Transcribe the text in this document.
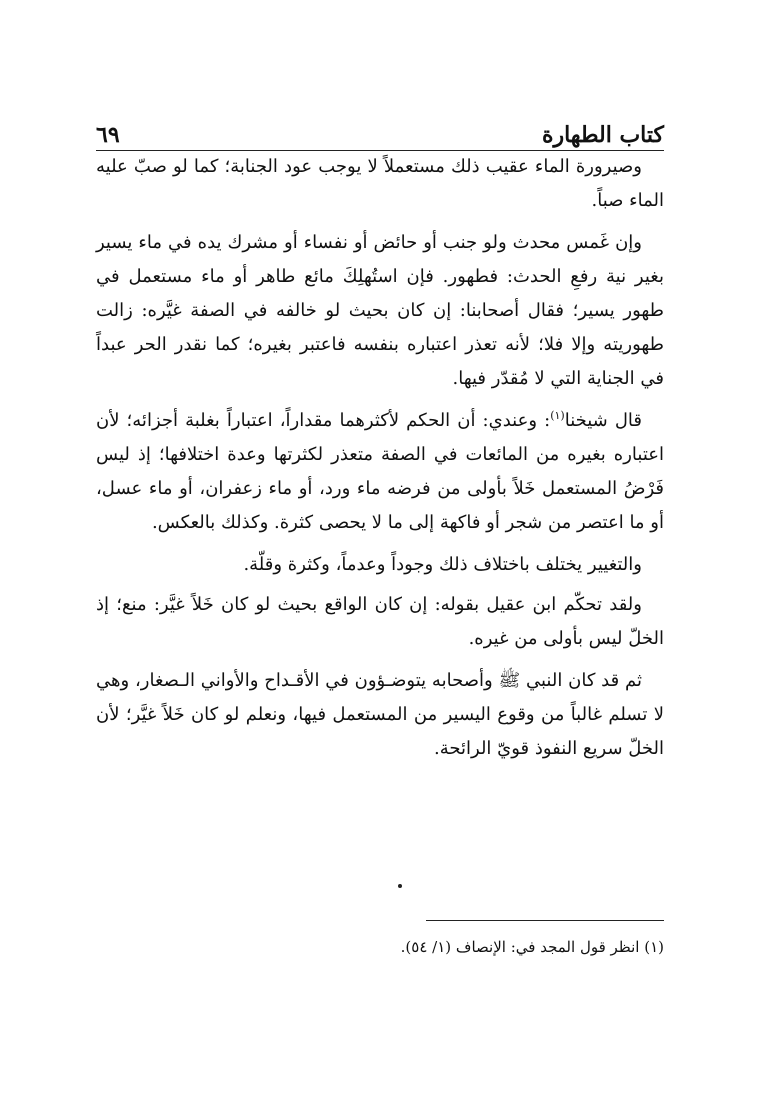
كتاب الطهارة
٦٩

وصيرورة الماء عقيب ذلك مستعملاً لا يوجب عود الجنابة؛ كما لو صبّ عليه الماء صباً.

وإن غَمس محدث ولو جنب أو حائض أو نفساء أو مشرك يده في ماء يسير بغير نية رفعِ الحدث: فطهور. فإن استُهلِكَ مائع طاهر أو ماء مستعمل في طهور يسير؛ فقال أصحابنا: إن كان بحيث لو خالفه في الصفة غيَّره: زالت طهوريته وإلا فلا؛ لأنه تعذر اعتباره بنفسه فاعتبر بغيره؛ كما نقدر الحر عبداً في الجناية التي لا مُقدّر فيها.

قال شيخنا$^{(١)}$: وعندي: أن الحكم لأكثرهما مقداراً، اعتباراً بغلبة أجزائه؛ لأن اعتباره بغيره من المائعات في الصفة متعذر لكثرتها وعدة اختلافها؛ إذ ليس فَرْضُ المستعمل خَلاً بأولى من فرضه ماء ورد، أو ماء زعفران، أو ماء عسل، أو ما اعتصر من شجر أو فاكهة إلى ما لا يحصى كثرة. وكذلك بالعكس.

والتغيير يختلف باختلاف ذلك وجوداً وعدماً، وكثرة وقلّة.

ولقد تحكّم ابن عقيل بقوله: إن كان الواقع بحيث لو كان خَلاً غيَّر: منع؛ إذ الخلّ ليس بأولى من غيره.

ثم قد كان النبي ﷺ وأصحابه يتوضـؤون في الأقـداح والأواني الـصغار، وهي لا تسلم غالباً من وقوع اليسير من المستعمل فيها، ونعلم لو كان خَلاً غيَّر؛ لأن الخلّ سريع النفوذ قويّ الرائحة.

(١) انظر قول المجد في: الإنصاف (١/ ٥٤).
